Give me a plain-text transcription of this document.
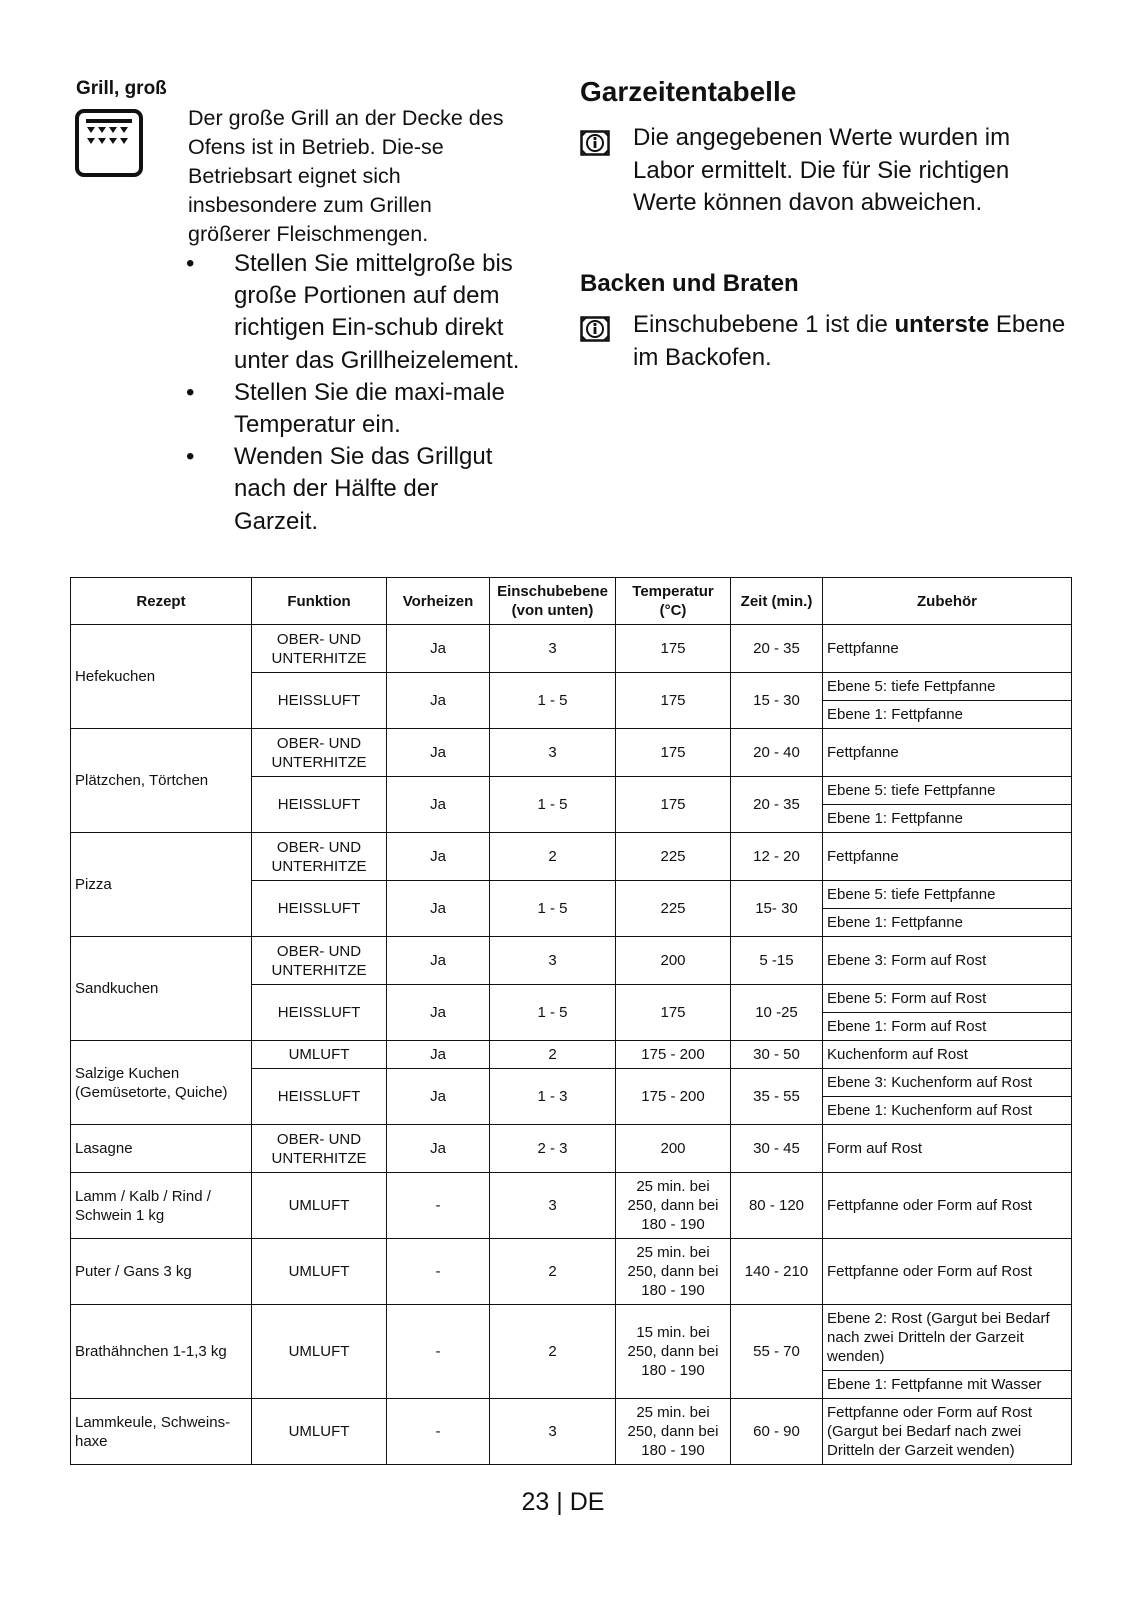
Grill, groß
Der große Grill an der Decke des Ofens ist in Betrieb. Die-se Betriebsart eignet sich insbesondere zum Grillen größerer Fleischmengen.
• Stellen Sie mittelgroße bis große Portionen auf dem richtigen Ein-schub direkt unter das Grillheizelement.
• Stellen Sie die maxi-male Temperatur ein.
• Wenden Sie das Grillgut nach der Hälfte der Garzeit.
Garzeitentabelle
Die angegebenen Werte wurden im Labor ermittelt. Die für Sie richtigen Werte können davon abweichen.
Backen und Braten
Einschubebene 1 ist die unterste Ebene im Backofen.
Rezept	Funktion	Vorheizen	Einschubebene (von unten)	Temperatur (°C)	Zeit (min.)	Zubehör
Hefekuchen	OBER- UND UNTERHITZE	Ja	3	175	20 - 35	Fettpfanne
	HEISSLUFT	Ja	1 - 5	175	15 - 30	Ebene 5: tiefe Fettpfanne
						Ebene 1: Fettpfanne
Plätzchen, Törtchen	OBER- UND UNTERHITZE	Ja	3	175	20 - 40	Fettpfanne
	HEISSLUFT	Ja	1 - 5	175	20 - 35	Ebene 5: tiefe Fettpfanne
						Ebene 1: Fettpfanne
Pizza	OBER- UND UNTERHITZE	Ja	2	225	12 - 20	Fettpfanne
	HEISSLUFT	Ja	1 - 5	225	15- 30	Ebene 5: tiefe Fettpfanne
						Ebene 1: Fettpfanne
Sandkuchen	OBER- UND UNTERHITZE	Ja	3	200	5 -15	Ebene 3: Form auf Rost
	HEISSLUFT	Ja	1 - 5	175	10 -25	Ebene 5: Form auf Rost
						Ebene 1: Form auf Rost
Salzige Kuchen (Gemüsetorte, Quiche)	UMLUFT	Ja	2	175 - 200	30 - 50	Kuchenform auf Rost
	HEISSLUFT	Ja	1 - 3	175 - 200	35 - 55	Ebene 3: Kuchenform auf Rost
						Ebene 1: Kuchenform auf Rost
Lasagne	OBER- UND UNTERHITZE	Ja	2 - 3	200	30 - 45	Form auf Rost
Lamm / Kalb / Rind / Schwein 1 kg	UMLUFT	-	3	25 min. bei 250, dann bei 180 - 190	80 - 120	Fettpfanne oder Form auf Rost
Puter / Gans 3 kg	UMLUFT	-	2	25 min. bei 250, dann bei 180 - 190	140 - 210	Fettpfanne oder Form auf Rost
Brathähnchen 1-1,3 kg	UMLUFT	-	2	15 min. bei 250, dann bei 180 - 190	55 - 70	Ebene 2: Rost (Gargut bei Bedarf nach zwei Dritteln der Garzeit wenden)
						Ebene 1: Fettpfanne mit Wasser
Lammkeule, Schweins-haxe	UMLUFT	-	3	25 min. bei 250, dann bei 180 - 190	60 - 90	Fettpfanne oder Form auf Rost (Gargut bei Bedarf nach zwei Dritteln der Garzeit wenden)
23 | DE
